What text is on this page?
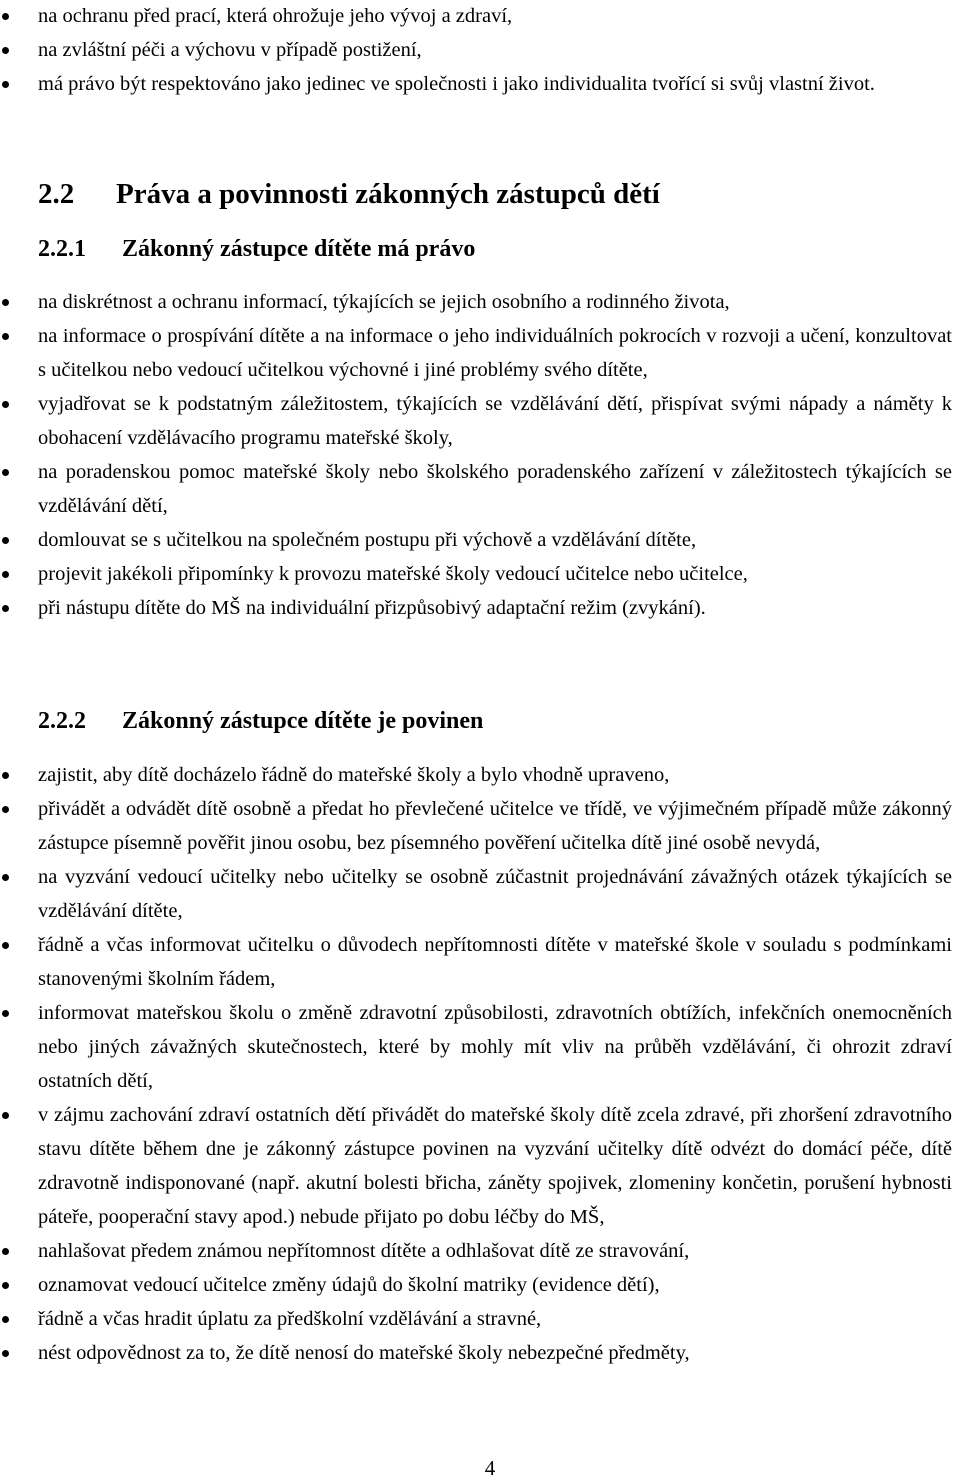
na ochranu před prací, která ohrožuje jeho vývoj a zdraví,
na zvláštní péči a výchovu v případě postižení,
má právo být respektováno jako jedinec ve společnosti i jako individualita tvořící si svůj vlastní život.
2.2 Práva a povinnosti zákonných zástupců dětí
2.2.1 Zákonný zástupce dítěte má právo
na diskrétnost a ochranu informací, týkajících se jejich osobního a rodinného života,
na informace o prospívání dítěte a na informace o jeho individuálních pokrocích v rozvoji a učení, konzultovat s učitelkou nebo vedoucí učitelkou výchovné i jiné problémy svého dítěte,
vyjadřovat se k podstatným záležitostem, týkajících se vzdělávání dětí, přispívat svými nápady a náměty k obohacení vzdělávacího programu mateřské školy,
na poradenskou pomoc mateřské školy nebo školského poradenského zařízení v záležitostech týkajících se vzdělávání dětí,
domlouvat se s učitelkou na společném postupu při výchově a vzdělávání dítěte,
projevit jakékoli připomínky k provozu mateřské školy vedoucí učitelce nebo učitelce,
při nástupu dítěte do MŠ na individuální přizpůsobivý adaptační režim (zvykání).
2.2.2 Zákonný zástupce dítěte je povinen
zajistit, aby dítě docházelo řádně do mateřské školy a bylo vhodně upraveno,
přivádět a odvádět dítě osobně a předat ho převlečené učitelce ve třídě, ve výjimečném případě může zákonný zástupce písemně pověřit jinou osobu, bez písemného pověření učitelka dítě jiné osobě nevydá,
na vyzvání vedoucí učitelky nebo učitelky se osobně zúčastnit projednávání závažných otázek týkajících se vzdělávání dítěte,
řádně a včas informovat učitelku o důvodech nepřítomnosti dítěte v mateřské škole v souladu s podmínkami stanovenými školním řádem,
informovat mateřskou školu o změně zdravotní způsobilosti, zdravotních obtížích, infekčních onemocněních nebo jiných závažných skutečnostech, které by mohly mít vliv na průběh vzdělávání, či ohrozit zdraví ostatních dětí,
v zájmu zachování zdraví ostatních dětí přivádět do mateřské školy dítě zcela zdravé, při zhoršení zdravotního stavu dítěte během dne je zákonný zástupce povinen na vyzvání učitelky dítě odvézt do domácí péče, dítě zdravotně indisponované (např. akutní bolesti břicha, záněty spojivek, zlomeniny končetin, porušení hybnosti páteře, pooperační stavy apod.) nebude přijato po dobu léčby do MŠ,
nahlašovat předem známou nepřítomnost dítěte a odhlašovat dítě ze stravování,
oznamovat vedoucí učitelce změny údajů do školní matriky (evidence dětí),
řádně a včas hradit úplatu za předškolní vzdělávání a stravné,
nést odpovědnost za to, že dítě nenosí do mateřské školy nebezpečné předměty,
4
